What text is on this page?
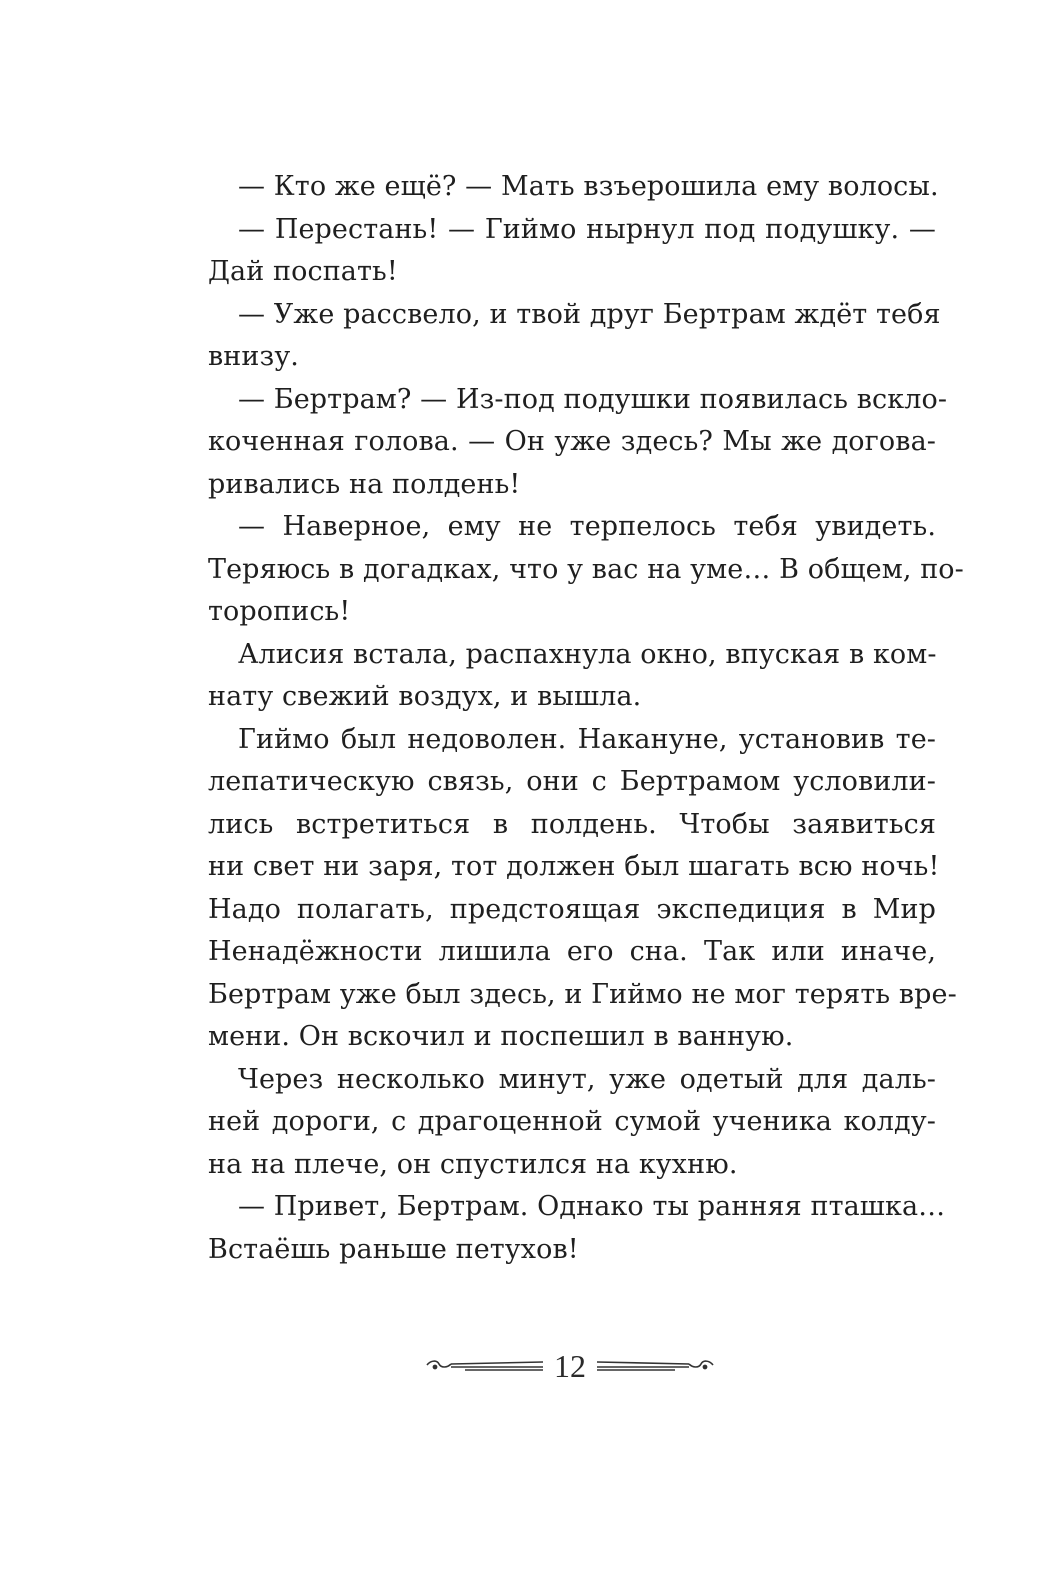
— Кто же ещё? — Мать взъерошила ему волосы.
— Перестань! — Гиймо нырнул под подушку. —
Дай поспать!
— Уже рассвело, и твой друг Бертрам ждёт тебя
внизу.
— Бертрам? — Из-под подушки появилась вскло-
коченная голова. — Он уже здесь? Мы же догова-
ривались на полдень!
— Наверное, ему не терпелось тебя увидеть.
Теряюсь в догадках, что у вас на уме… В общем, по-
торопись!
Алисия встала, распахнула окно, впуская в ком-
нату свежий воздух, и вышла.
Гиймо был недоволен. Накануне, установив те-
лепатическую связь, они с Бертрамом условили-
лись встретиться в полдень. Чтобы заявиться
ни свет ни заря, тот должен был шагать всю ночь!
Надо полагать, предстоящая экспедиция в Мир
Ненадёжности лишила его сна. Так или иначе,
Бертрам уже был здесь, и Гиймо не мог терять вре-
мени. Он вскочил и поспешил в ванную.
Через несколько минут, уже одетый для даль-
ней дороги, с драгоценной сумой ученика колду-
на на плече, он спустился на кухню.
— Привет, Бертрам. Однако ты ранняя пташка…
Встаёшь раньше петухов!
12
